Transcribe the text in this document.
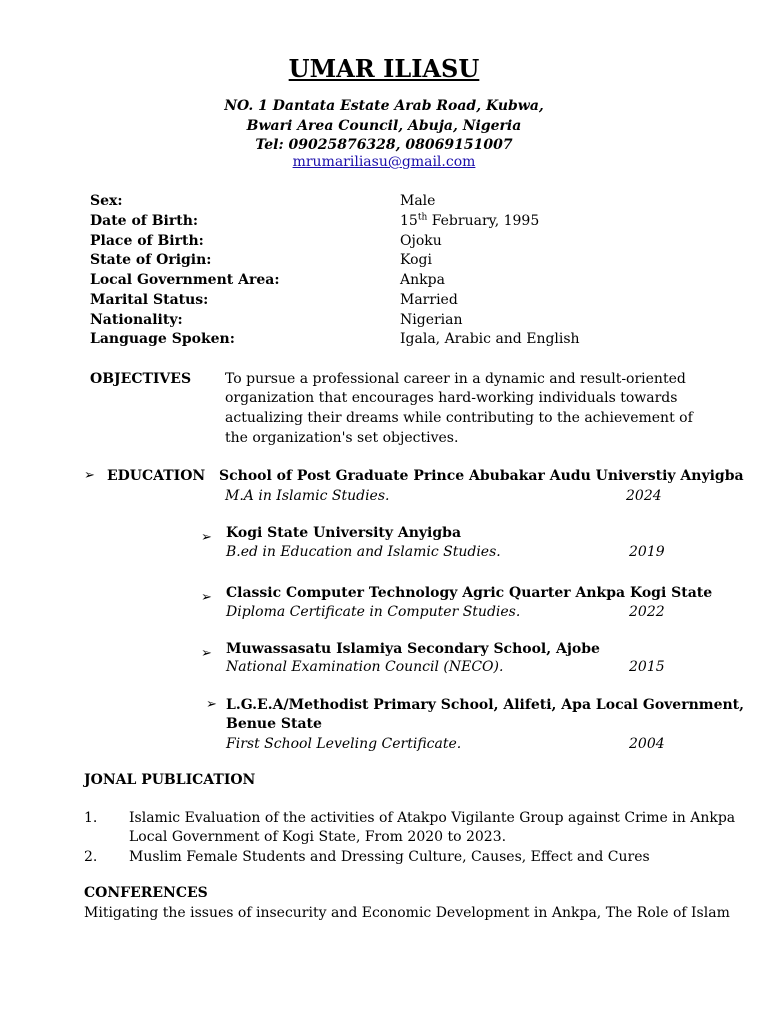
UMAR ILIASU
NO. 1 Dantata Estate Arab Road, Kubwa,
Bwari Area Council, Abuja, Nigeria
Tel: 09025876328, 08069151007
mrumariliasu@gmail.com
Sex:	Male
Date of Birth:	15th February, 1995
Place of Birth:	Ojoku
State of Origin:	Kogi
Local Government Area:	Ankpa
Marital Status:	Married
Nationality:	Nigerian
Language Spoken:	Igala, Arabic and English
OBJECTIVES To pursue a professional career in a dynamic and result-oriented
organization that encourages hard-working individuals towards
actualizing their dreams while contributing to the achievement of
the organization's set objectives.
➢ EDUCATION School of Post Graduate Prince Abubakar Audu Universtiy Anyigba
M.A in Islamic Studies.	2024
➢ Kogi State University Anyigba
B.ed in Education and Islamic Studies.	2019
➢ Classic Computer Technology Agric Quarter Ankpa Kogi State
Diploma Certificate in Computer Studies.	2022
➢ Muwassasatu Islamiya Secondary School, Ajobe
National Examination Council (NECO).	2015
➢ L.G.E.A/Methodist Primary School, Alifeti, Apa Local Government,
Benue State
First School Leveling Certificate.	2004
JONAL PUBLICATION
1. Islamic Evaluation of the activities of Atakpo Vigilante Group against Crime in Ankpa
Local Government of Kogi State, From 2020 to 2023.
2. Muslim Female Students and Dressing Culture, Causes, Effect and Cures
CONFERENCES
Mitigating the issues of insecurity and Economic Development in Ankpa, The Role of Islam
